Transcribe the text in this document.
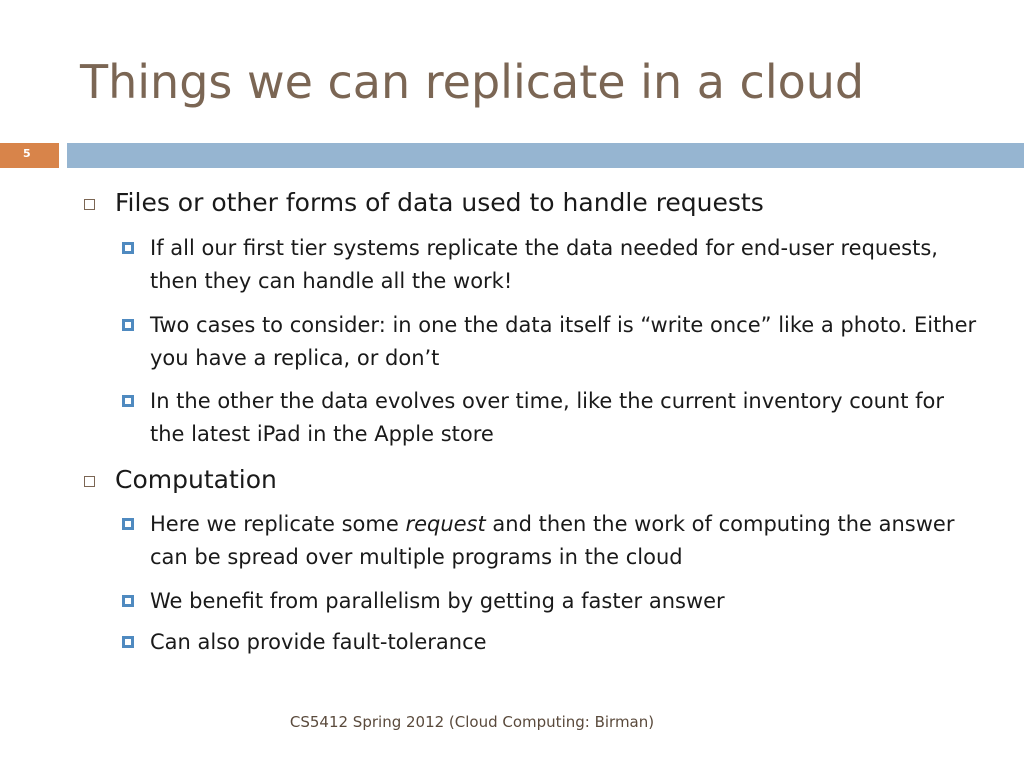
Things we can replicate in a cloud
5

Files or other forms of data used to handle requests

If all our first tier systems replicate the data needed for end-user requests, then they can handle all the work!

Two cases to consider: in one the data itself is “write once” like a photo. Either you have a replica, or don’t

In the other the data evolves over time, like the current inventory count for the latest iPad in the Apple store

Computation

Here we replicate some request and then the work of computing the answer can be spread over multiple programs in the cloud

We benefit from parallelism by getting a faster answer

Can also provide fault-tolerance

CS5412 Spring 2012 (Cloud Computing: Birman)
